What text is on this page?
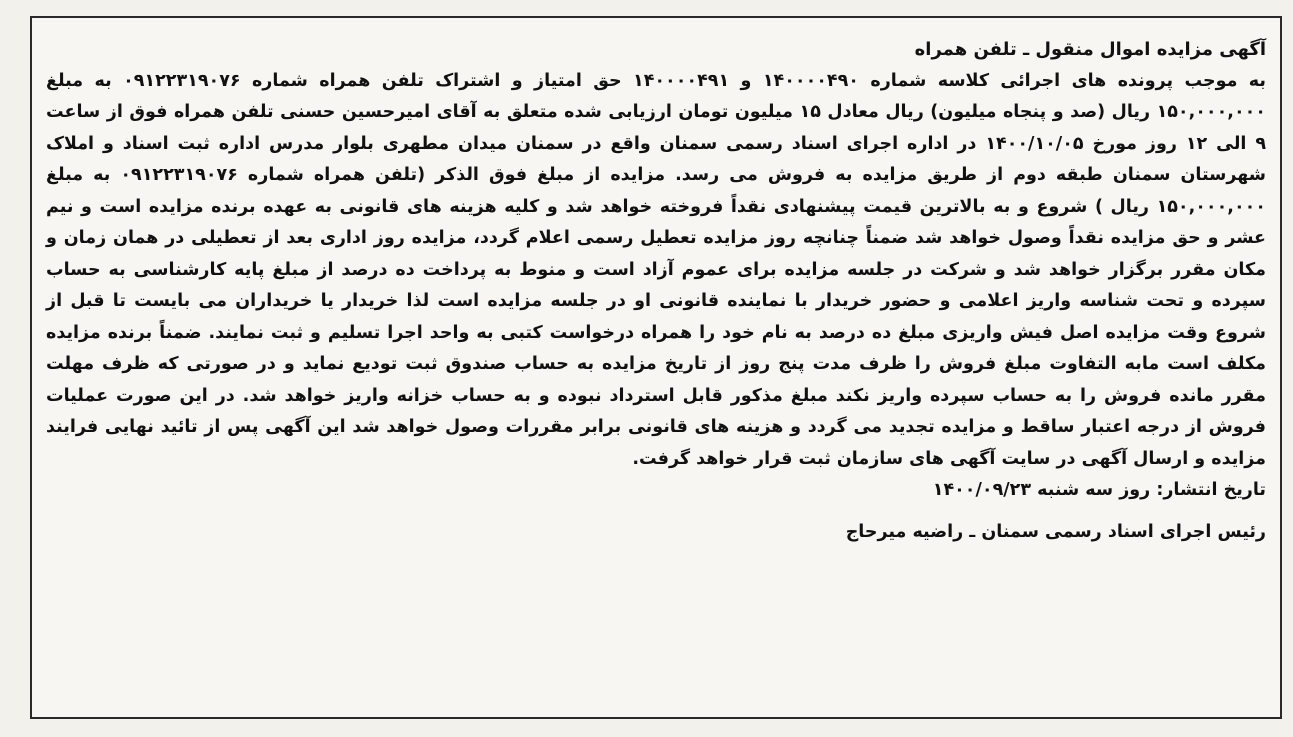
آگهی مزایده اموال منقول ـ تلفن همراه

به موجب پرونده های اجرائی کلاسه شماره ۱۴۰۰۰۰۴۹۰ و ۱۴۰۰۰۰۴۹۱ حق امتیاز و اشتراک تلفن همراه شماره ۰۹۱۲۲۳۱۹۰۷۶ به مبلغ ۱۵۰,۰۰۰,۰۰۰ ریال (صد و پنجاه میلیون) ریال معادل ۱۵ میلیون تومان ارزیابی شده متعلق به آقای امیرحسین حسنی تلفن همراه فوق از ساعت ۹ الی ۱۲ روز مورخ ۱۴۰۰/۱۰/۰۵ در اداره اجرای اسناد رسمی سمنان واقع در سمنان میدان مطهری بلوار مدرس اداره ثبت اسناد و املاک شهرستان سمنان طبقه دوم از طریق مزایده به فروش می رسد. مزایده از مبلغ فوق الذکر (تلفن همراه شماره ۰۹۱۲۲۳۱۹۰۷۶ به مبلغ ۱۵۰,۰۰۰,۰۰۰ ریال ) شروع و به بالاترین قیمت پیشنهادی نقداً فروخته خواهد شد و کلیه هزینه های قانونی به عهده برنده مزایده است و نیم عشر و حق مزایده نقداً وصول خواهد شد ضمناً چنانچه روز مزایده تعطیل رسمی اعلام گردد، مزایده روز اداری بعد از تعطیلی در همان زمان و مکان مقرر برگزار خواهد شد و شرکت در جلسه مزایده برای عموم آزاد است و منوط به پرداخت ده درصد از مبلغ پایه کارشناسی به حساب سپرده و تحت شناسه واریز اعلامی و حضور خریدار با نماینده قانونی او در جلسه مزایده است لذا خریدار یا خریداران می بایست تا قبل از شروع وقت مزایده اصل فیش واریزی مبلغ ده درصد به نام خود را همراه درخواست کتبی به واحد اجرا تسلیم و ثبت نمایند. ضمناً برنده مزایده مکلف است مابه التفاوت مبلغ فروش را ظرف مدت پنج روز از تاریخ مزایده به حساب صندوق ثبت تودیع نماید و در صورتی که ظرف مهلت مقرر مانده فروش را به حساب سپرده واریز نکند مبلغ مذکور قابل استرداد نبوده و به حساب خزانه واریز خواهد شد. در این صورت عملیات فروش از درجه اعتبار ساقط و مزایده تجدید می گردد و هزینه های قانونی برابر مقررات وصول خواهد شد این آگهی پس از تائید نهایی فرایند مزایده و ارسال آگهی در سایت آگهی های سازمان ثبت قرار خواهد گرفت.

تاریخ انتشار: روز سه شنبه ۱۴۰۰/۰۹/۲۳
رئیس اجرای اسناد رسمی سمنان ـ راضیه میرحاج
